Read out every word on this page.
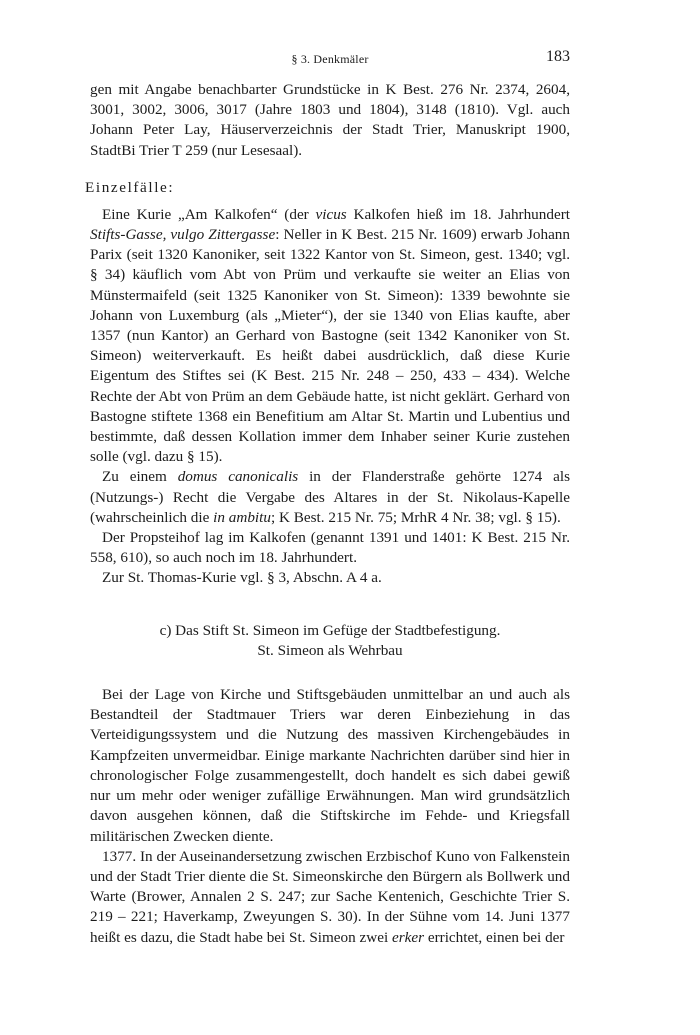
§ 3. Denkmäler	183

gen mit Angabe benachbarter Grundstücke in K Best. 276 Nr. 2374, 2604, 3001, 3002, 3006, 3017 (Jahre 1803 und 1804), 3148 (1810). Vgl. auch Johann Peter Lay, Häuserverzeichnis der Stadt Trier, Manuskript 1900, StadtBi Trier T 259 (nur Lesesaal).

Einzelfälle:

Eine Kurie „Am Kalkofen“ (der vicus Kalkofen hieß im 18. Jahrhundert Stifts-Gasse, vulgo Zittergasse: Neller in K Best. 215 Nr. 1609) erwarb Johann Parix (seit 1320 Kanoniker, seit 1322 Kantor von St. Simeon, gest. 1340; vgl. § 34) käuflich vom Abt von Prüm und verkaufte sie weiter an Elias von Münstermaifeld (seit 1325 Kanoniker von St. Simeon): 1339 bewohnte sie Johann von Luxemburg (als „Mieter“), der sie 1340 von Elias kaufte, aber 1357 (nun Kantor) an Gerhard von Bastogne (seit 1342 Kanoniker von St. Simeon) weiterverkauft. Es heißt dabei ausdrücklich, daß diese Kurie Eigentum des Stiftes sei (K Best. 215 Nr. 248 – 250, 433 – 434). Welche Rechte der Abt von Prüm an dem Gebäude hatte, ist nicht geklärt. Gerhard von Bastogne stiftete 1368 ein Benefitium am Altar St. Martin und Lubentius und bestimmte, daß dessen Kollation immer dem Inhaber seiner Kurie zustehen solle (vgl. dazu § 15).

Zu einem domus canonicalis in der Flanderstraße gehörte 1274 als (Nutzungs-) Recht die Vergabe des Altares in der St. Nikolaus-Kapelle (wahrscheinlich die in ambitu; K Best. 215 Nr. 75; MrhR 4 Nr. 38; vgl. § 15).

Der Propsteihof lag im Kalkofen (genannt 1391 und 1401: K Best. 215 Nr. 558, 610), so auch noch im 18. Jahrhundert.

Zur St. Thomas-Kurie vgl. § 3, Abschn. A 4 a.

c) Das Stift St. Simeon im Gefüge der Stadtbefestigung.
St. Simeon als Wehrbau

Bei der Lage von Kirche und Stiftsgebäuden unmittelbar an und auch als Bestandteil der Stadtmauer Triers war deren Einbeziehung in das Verteidigungssystem und die Nutzung des massiven Kirchengebäudes in Kampfzeiten unvermeidbar. Einige markante Nachrichten darüber sind hier in chronologischer Folge zusammengestellt, doch handelt es sich dabei gewiß nur um mehr oder weniger zufällige Erwähnungen. Man wird grundsätzlich davon ausgehen können, daß die Stiftskirche im Fehde- und Kriegsfall militärischen Zwecken diente.

1377. In der Auseinandersetzung zwischen Erzbischof Kuno von Falkenstein und der Stadt Trier diente die St. Simeonskirche den Bürgern als Bollwerk und Warte (Brower, Annalen 2 S. 247; zur Sache Kentenich, Geschichte Trier S. 219 – 221; Haverkamp, Zweyungen S. 30). In der Sühne vom 14. Juni 1377 heißt es dazu, die Stadt habe bei St. Simeon zwei erker errichtet, einen bei der
